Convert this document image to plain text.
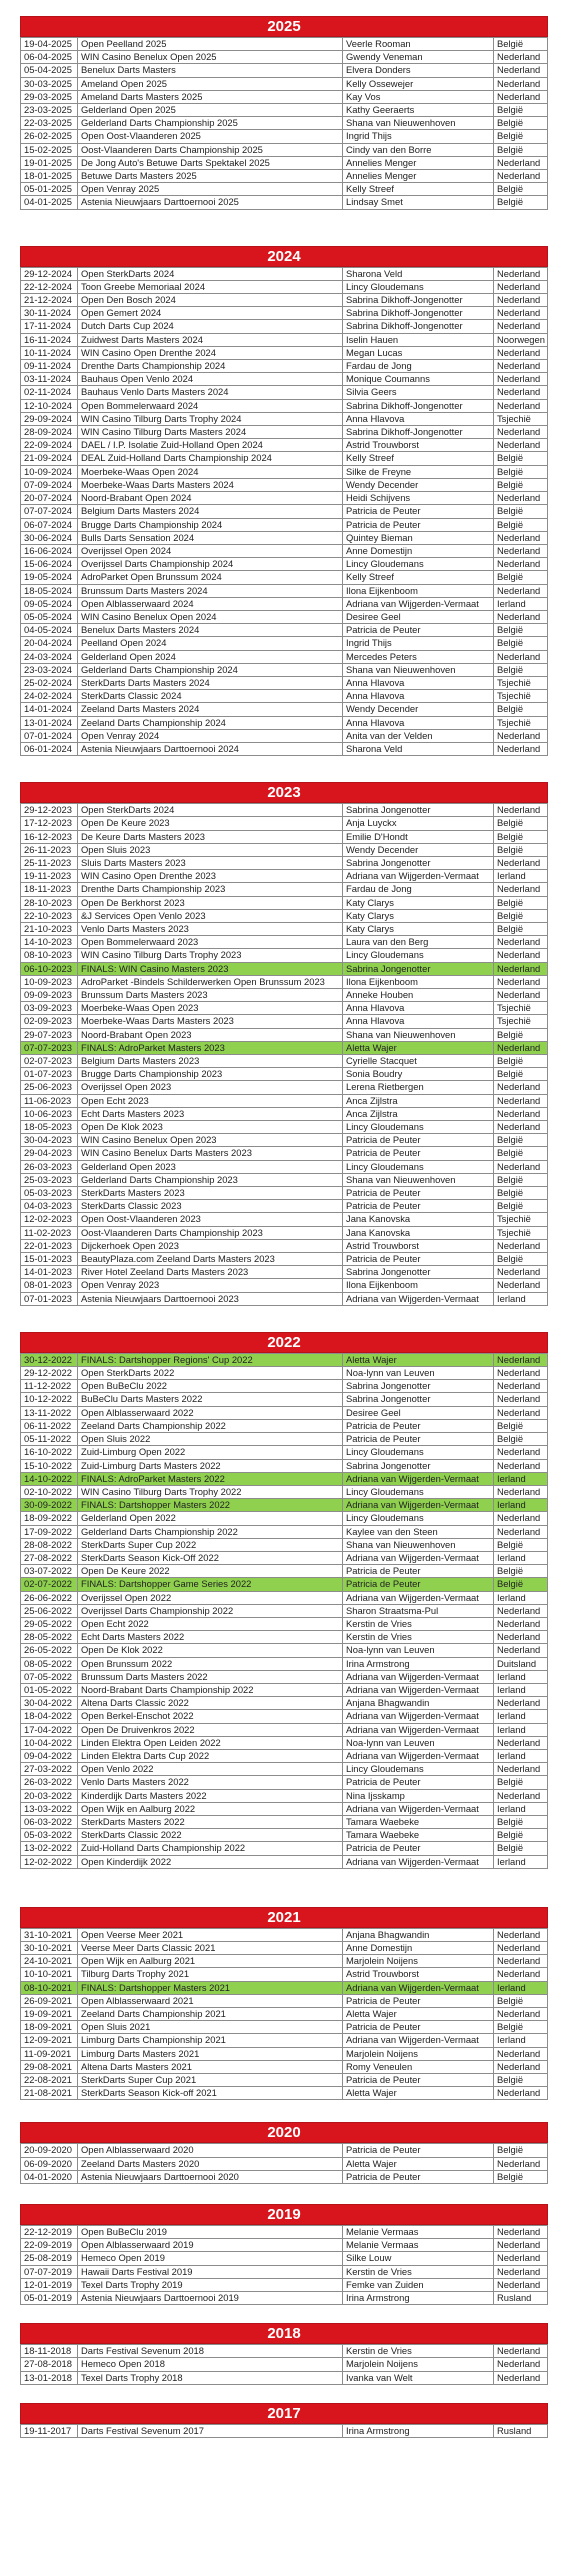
2025
19-04-2025	Open Peelland 2025	Veerle Rooman	België
06-04-2025	WIN Casino Benelux Open 2025	Gwendy Veneman	Nederland
05-04-2025	Benelux Darts Masters	Elvera Donders	Nederland
30-03-2025	Ameland Open 2025	Kelly Ossewejer	Nederland
29-03-2025	Ameland Darts Masters 2025	Kay Vos	Nederland
23-03-2025	Gelderland Open 2025	Kathy Geeraerts	België
22-03-2025	Gelderland Darts Championship 2025	Shana van Nieuwenhoven	België
26-02-2025	Open Oost-Vlaanderen 2025	Ingrid Thijs	België
15-02-2025	Oost-Vlaanderen Darts Championship 2025	Cindy van den Borre	België
19-01-2025	De Jong Auto's Betuwe Darts Spektakel 2025	Annelies Menger	Nederland
18-01-2025	Betuwe Darts Masters 2025	Annelies Menger	Nederland
05-01-2025	Open Venray 2025	Kelly Streef	België
04-01-2025	Astenia Nieuwjaars Darttoernooi 2025	Lindsay Smet	België
2024
29-12-2024	Open SterkDarts 2024	Sharona Veld	Nederland
22-12-2024	Toon Greebe Memoriaal 2024	Lincy Gloudemans	Nederland
21-12-2024	Open Den Bosch 2024	Sabrina Dikhoff-Jongenotter	Nederland
30-11-2024	Open Gemert 2024	Sabrina Dikhoff-Jongenotter	Nederland
17-11-2024	Dutch Darts Cup 2024	Sabrina Dikhoff-Jongenotter	Nederland
16-11-2024	Zuidwest Darts Masters 2024	Iselin Hauen	Noorwegen
10-11-2024	WIN Casino Open Drenthe 2024	Megan Lucas	Nederland
09-11-2024	Drenthe Darts Championship 2024	Fardau de Jong	Nederland
03-11-2024	Bauhaus Open Venlo 2024	Monique Coumanns	Nederland
02-11-2024	Bauhaus Venlo Darts Masters 2024	Silvia Geers	Nederland
12-10-2024	Open Bommelerwaard 2024	Sabrina Dikhoff-Jongenotter	Nederland
29-09-2024	WIN Casino Tilburg Darts Trophy 2024	Anna Hlavova	Tsjechië
28-09-2024	WIN Casino Tilburg Darts Masters 2024	Sabrina Dikhoff-Jongenotter	Nederland
22-09-2024	DAEL / I.P. Isolatie Zuid-Holland Open 2024	Astrid Trouwborst	Nederland
21-09-2024	DEAL Zuid-Holland Darts Championship 2024	Kelly Streef	België
10-09-2024	Moerbeke-Waas Open 2024	Silke de Freyne	België
07-09-2024	Moerbeke-Waas Darts Masters 2024	Wendy Decender	België
20-07-2024	Noord-Brabant Open 2024	Heidi Schijvens	Nederland
07-07-2024	Belgium Darts Masters 2024	Patricia de Peuter	België
06-07-2024	Brugge Darts Championship 2024	Patricia de Peuter	België
30-06-2024	Bulls Darts Sensation 2024	Quintey Bieman	Nederland
16-06-2024	Overijssel Open 2024	Anne Domestijn	Nederland
15-06-2024	Overijssel Darts Championship 2024	Lincy Gloudemans	Nederland
19-05-2024	AdroParket Open Brunssum 2024	Kelly Streef	België
18-05-2024	Brunssum Darts Masters 2024	Ilona Eijkenboom	Nederland
09-05-2024	Open Alblasserwaard 2024	Adriana van Wijgerden-Vermaat	Ierland
05-05-2024	WIN Casino Benelux Open 2024	Desiree Geel	Nederland
04-05-2024	Benelux Darts Masters 2024	Patricia de Peuter	België
20-04-2024	Peelland Open 2024	Ingrid Thijs	België
24-03-2024	Gelderland Open 2024	Mercedes Peters	Nederland
23-03-2024	Gelderland Darts Championship 2024	Shana van Nieuwenhoven	België
25-02-2024	SterkDarts Darts Masters 2024	Anna Hlavova	Tsjechië
24-02-2024	SterkDarts Classic 2024	Anna Hlavova	Tsjechië
14-01-2024	Zeeland Darts Masters 2024	Wendy Decender	België
13-01-2024	Zeeland Darts Championship 2024	Anna Hlavova	Tsjechië
07-01-2024	Open Venray 2024	Anita van der Velden	Nederland
06-01-2024	Astenia Nieuwjaars Darttoernooi 2024	Sharona Veld	Nederland
2023
29-12-2023	Open SterkDarts 2024	Sabrina Jongenotter	Nederland
17-12-2023	Open De Keure 2023	Anja Luyckx	België
16-12-2023	De Keure Darts Masters 2023	Emilie D'Hondt	België
26-11-2023	Open Sluis 2023	Wendy Decender	België
25-11-2023	Sluis Darts Masters 2023	Sabrina Jongenotter	Nederland
19-11-2023	WIN Casino Open Drenthe 2023	Adriana van Wijgerden-Vermaat	Ierland
18-11-2023	Drenthe Darts Championship 2023	Fardau de Jong	Nederland
28-10-2023	Open De Berkhorst 2023	Katy Clarys	België
22-10-2023	&J Services Open Venlo 2023	Katy Clarys	België
21-10-2023	Venlo Darts Masters 2023	Katy Clarys	België
14-10-2023	Open Bommelerwaard 2023	Laura van den Berg	Nederland
08-10-2023	WIN Casino Tilburg Darts Trophy 2023	Lincy Gloudemans	Nederland
06-10-2023	FINALS: WIN Casino Masters 2023	Sabrina Jongenotter	Nederland
10-09-2023	AdroParket -Bindels Schilderwerken Open Brunssum 2023	Ilona Eijkenboom	Nederland
09-09-2023	Brunssum Darts Masters 2023	Anneke Houben	Nederland
03-09-2023	Moerbeke-Waas Open 2023	Anna Hlavova	Tsjechië
02-09-2023	Moerbeke-Waas Darts Masters 2023	Anna Hlavova	Tsjechië
29-07-2023	Noord-Brabant Open 2023	Shana van Nieuwenhoven	België
07-07-2023	FINALS: AdroParket Masters 2023	Aletta Wajer	Nederland
02-07-2023	Belgium Darts Masters 2023	Cyrielle Stacquet	België
01-07-2023	Brugge Darts Championship 2023	Sonia Boudry	België
25-06-2023	Overijssel Open 2023	Lerena Rietbergen	Nederland
11-06-2023	Open Echt 2023	Anca Zijlstra	Nederland
10-06-2023	Echt Darts Masters 2023	Anca Zijlstra	Nederland
18-05-2023	Open De Klok 2023	Lincy Gloudemans	Nederland
30-04-2023	WIN Casino Benelux Open 2023	Patricia de Peuter	België
29-04-2023	WIN Casino Benelux Darts Masters 2023	Patricia de Peuter	België
26-03-2023	Gelderland Open 2023	Lincy Gloudemans	Nederland
25-03-2023	Gelderland Darts Championship 2023	Shana van Nieuwenhoven	België
05-03-2023	SterkDarts Masters 2023	Patricia de Peuter	België
04-03-2023	SterkDarts Classic 2023	Patricia de Peuter	België
12-02-2023	Open Oost-Vlaanderen 2023	Jana Kanovska	Tsjechië
11-02-2023	Oost-Vlaanderen Darts Championship 2023	Jana Kanovska	Tsjechië
22-01-2023	Dijckerhoek Open 2023	Astrid Trouwborst	Nederland
15-01-2023	BeautyPlaza.com Zeeland Darts Masters 2023	Patricia de Peuter	België
14-01-2023	River Hotel Zeeland Darts Masters 2023	Sabrina Jongenotter	Nederland
08-01-2023	Open Venray 2023	Ilona Eijkenboom	Nederland
07-01-2023	Astenia Nieuwjaars Darttoernooi 2023	Adriana van Wijgerden-Vermaat	Ierland
2022
30-12-2022	FINALS: Dartshopper Regions' Cup 2022	Aletta Wajer	Nederland
29-12-2022	Open SterkDarts 2022	Noa-lynn van Leuven	Nederland
11-12-2022	Open BuBeClu 2022	Sabrina Jongenotter	Nederland
10-12-2022	BuBeClu Darts Masters 2022	Sabrina Jongenotter	Nederland
13-11-2022	Open Alblasserwaard 2022	Desiree Geel	Nederland
06-11-2022	Zeeland Darts Championship 2022	Patricia de Peuter	België
05-11-2022	Open Sluis 2022	Patricia de Peuter	België
16-10-2022	Zuid-Limburg Open 2022	Lincy Gloudemans	Nederland
15-10-2022	Zuid-Limburg Darts Masters 2022	Sabrina Jongenotter	Nederland
14-10-2022	FINALS: AdroParket Masters 2022	Adriana van Wijgerden-Vermaat	Ierland
02-10-2022	WIN Casino Tilburg Darts Trophy 2022	Lincy Gloudemans	Nederland
30-09-2022	FINALS: Dartshopper Masters 2022	Adriana van Wijgerden-Vermaat	Ierland
18-09-2022	Gelderland Open 2022	Lincy Gloudemans	Nederland
17-09-2022	Gelderland Darts Championship 2022	Kaylee van den Steen	Nederland
28-08-2022	SterkDarts Super Cup 2022	Shana van Nieuwenhoven	België
27-08-2022	SterkDarts Season Kick-Off 2022	Adriana van Wijgerden-Vermaat	Ierland
03-07-2022	Open De Keure 2022	Patricia de Peuter	België
02-07-2022	FINALS: Dartshopper Game Series 2022	Patricia de Peuter	België
26-06-2022	Overijssel Open 2022	Adriana van Wijgerden-Vermaat	Ierland
25-06-2022	Overijssel Darts Championship 2022	Sharon Straatsma-Pul	Nederland
29-05-2022	Open Echt 2022	Kerstin de Vries	Nederland
28-05-2022	Echt Darts Masters 2022	Kerstin de Vries	Nederland
26-05-2022	Open De Klok 2022	Noa-lynn van Leuven	Nederland
08-05-2022	Open Brunssum 2022	Irina Armstrong	Duitsland
07-05-2022	Brunssum Darts Masters 2022	Adriana van Wijgerden-Vermaat	Ierland
01-05-2022	Noord-Brabant Darts Championship 2022	Adriana van Wijgerden-Vermaat	Ierland
30-04-2022	Altena Darts Classic 2022	Anjana Bhagwandin	Nederland
18-04-2022	Open Berkel-Enschot 2022	Adriana van Wijgerden-Vermaat	Ierland
17-04-2022	Open De Druivenkros 2022	Adriana van Wijgerden-Vermaat	Ierland
10-04-2022	Linden Elektra Open Leiden 2022	Noa-lynn van Leuven	Nederland
09-04-2022	Linden Elektra Darts Cup 2022	Adriana van Wijgerden-Vermaat	Ierland
27-03-2022	Open Venlo 2022	Lincy Gloudemans	Nederland
26-03-2022	Venlo Darts Masters 2022	Patricia de Peuter	België
20-03-2022	Kinderdijk Darts Masters 2022	Nina Ijsskamp	Nederland
13-03-2022	Open Wijk en Aalburg 2022	Adriana van Wijgerden-Vermaat	Ierland
06-03-2022	SterkDarts Masters 2022	Tamara Waebeke	België
05-03-2022	SterkDarts Classic 2022	Tamara Waebeke	België
13-02-2022	Zuid-Holland Darts Championship 2022	Patricia de Peuter	België
12-02-2022	Open Kinderdijk 2022	Adriana van Wijgerden-Vermaat	Ierland
2021
31-10-2021	Open Veerse Meer 2021	Anjana Bhagwandin	Nederland
30-10-2021	Veerse Meer Darts Classic 2021	Anne Domestijn	Nederland
24-10-2021	Open Wijk en Aalburg 2021	Marjolein Noijens	Nederland
10-10-2021	Tilburg Darts Trophy 2021	Astrid Trouwborst	Nederland
08-10-2021	FINALS: Dartshopper Masters 2021	Adriana van Wijgerden-Vermaat	Ierland
26-09-2021	Open Alblasserwaard 2021	Patricia de Peuter	België
19-09-2021	Zeeland Darts Championship 2021	Aletta Wajer	Nederland
18-09-2021	Open Sluis 2021	Patricia de Peuter	België
12-09-2021	Limburg Darts Championship 2021	Adriana van Wijgerden-Vermaat	Ierland
11-09-2021	Limburg Darts Masters 2021	Marjolein Noijens	Nederland
29-08-2021	Altena Darts Masters 2021	Romy Veneulen	Nederland
22-08-2021	SterkDarts Super Cup 2021	Patricia de Peuter	België
21-08-2021	SterkDarts Season Kick-off 2021	Aletta Wajer	Nederland
2020
20-09-2020	Open Alblasserwaard 2020	Patricia de Peuter	België
06-09-2020	Zeeland Darts Masters 2020	Aletta Wajer	Nederland
04-01-2020	Astenia Nieuwjaars Darttoernooi 2020	Patricia de Peuter	België
2019
22-12-2019	Open BuBeClu 2019	Melanie Vermaas	Nederland
22-09-2019	Open Alblasserwaard 2019	Melanie Vermaas	Nederland
25-08-2019	Hemeco Open 2019	Silke Louw	Nederland
07-07-2019	Hawaii Darts Festival 2019	Kerstin de Vries	Nederland
12-01-2019	Texel Darts Trophy 2019	Femke van Zuiden	Nederland
05-01-2019	Astenia Nieuwjaars Darttoernooi 2019	Irina Armstrong	Rusland
2018
18-11-2018	Darts Festival Sevenum 2018	Kerstin de Vries	Nederland
27-08-2018	Hemeco Open 2018	Marjolein Noijens	Nederland
13-01-2018	Texel Darts Trophy 2018	Ivanka van Welt	Nederland
2017
19-11-2017	Darts Festival Sevenum 2017	Irina Armstrong	Rusland
